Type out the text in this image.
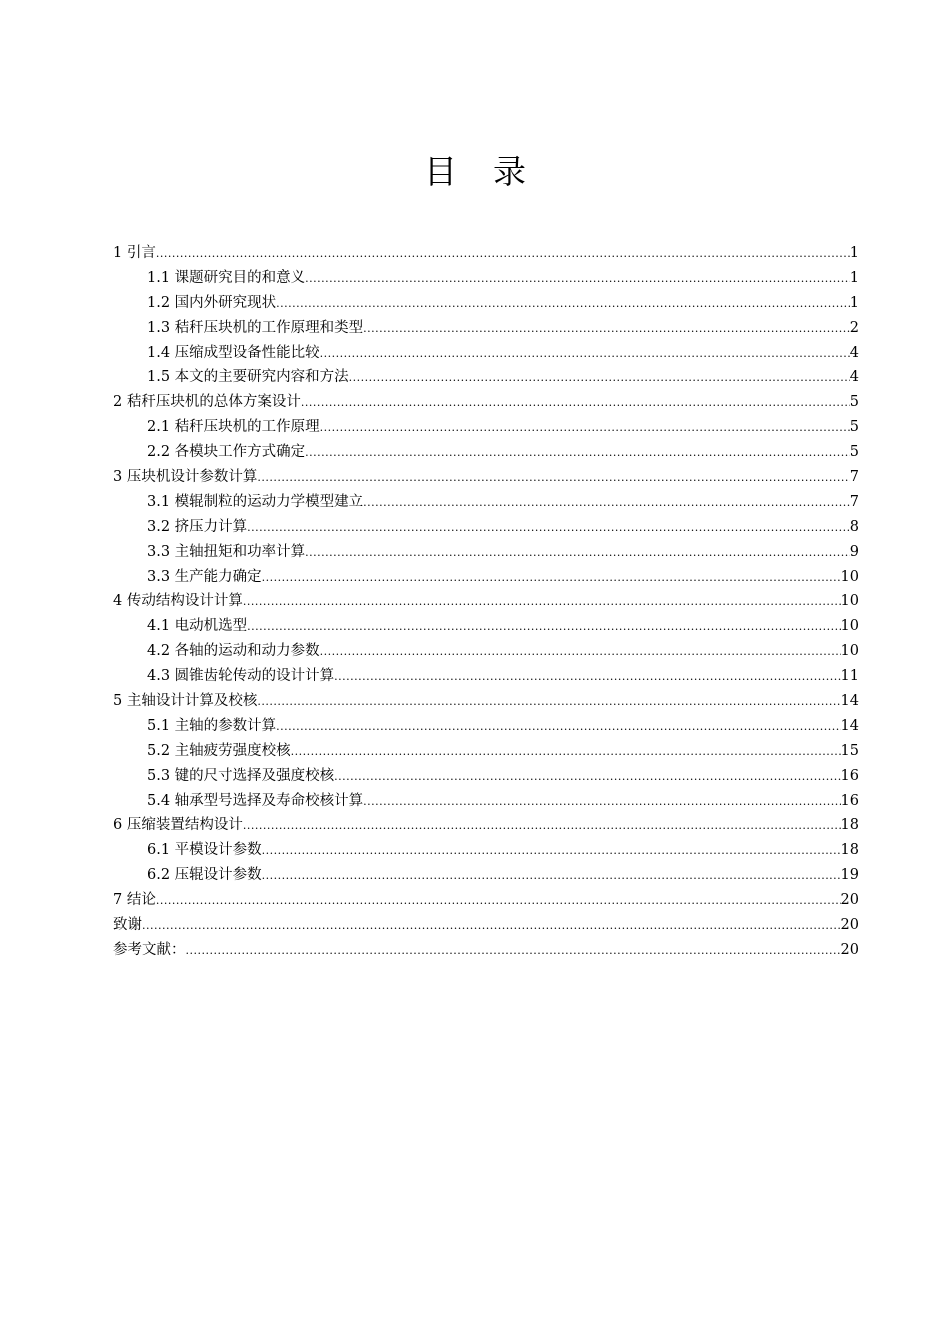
目 录
1 引言 .....	1
1.1 课题研究目的和意义 .....	1
1.2 国内外研究现状 .....	1
1.3 秸秆压块机的工作原理和类型 .....	2
1.4 压缩成型设备性能比较 .....	4
1.5 本文的主要研究内容和方法 .....	4
2 秸秆压块机的总体方案设计 .....	5
2.1 秸秆压块机的工作原理 .....	5
2.2 各模块工作方式确定 .....	5
3 压块机设计参数计算 .....	7
3.1 模辊制粒的运动力学模型建立 .....	7
3.2 挤压力计算 .....	8
3.3 主轴扭矩和功率计算 .....	9
3.3 生产能力确定 .....	10
4 传动结构设计计算 .....	10
4.1 电动机选型 .....	10
4.2 各轴的运动和动力参数 .....	10
4.3 圆锥齿轮传动的设计计算 .....	11
5 主轴设计计算及校核 .....	14
5.1 主轴的参数计算 .....	14
5.2 主轴疲劳强度校核 .....	15
5.3 键的尺寸选择及强度校核 .....	16
5.4 轴承型号选择及寿命校核计算 .....	16
6 压缩装置结构设计 .....	18
6.1 平模设计参数 .....	18
6.2 压辊设计参数 .....	19
7 结论 .....	20
致谢 .....	20
参考文献： .....	20
